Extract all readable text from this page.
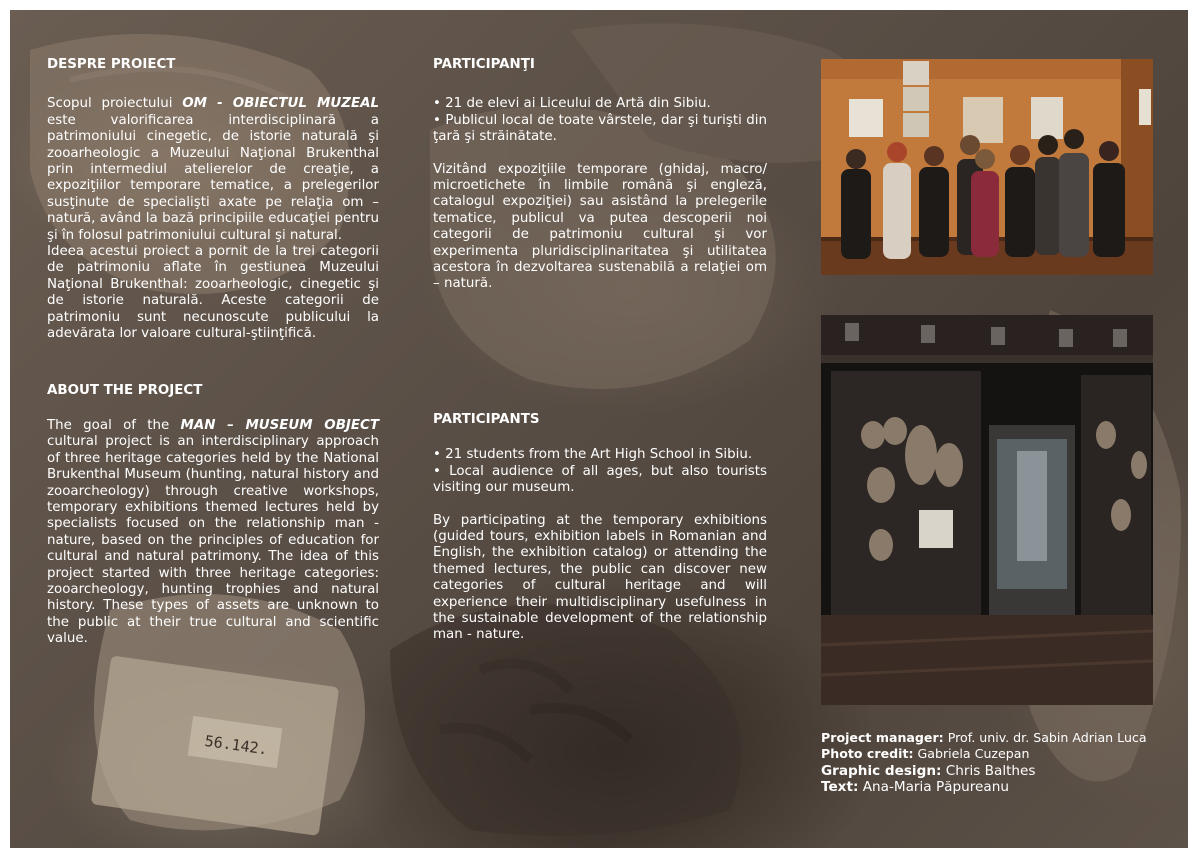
56.142.

DESPRE PROIECT

Scopul proiectului OM - OBIECTUL MUZEAL este valorificarea interdisciplinară a patrimoniului cinegetic, de istorie naturală şi zooarheologic a Muzeului Naţional Brukenthal prin intermediul atelierelor de creaţie, a expoziţiilor temporare tematice, a prelegerilor susţinute de specialişti axate pe relaţia om – natură, având la bază principiile educaţiei pentru şi în folosul patrimoniului cultural şi natural.

Ideea acestui proiect a pornit de la trei categorii de patrimoniu aflate în gestiunea Muzeului Naţional Brukenthal: zooarheologic, cinegetic şi de istorie naturală. Aceste categorii de patrimoniu sunt necunoscute publicului la adevărata lor valoare cultural-ştiinţifică.

ABOUT THE PROJECT

The goal of the MAN – MUSEUM OBJECT cultural project is an interdisciplinary approach of three heritage categories held by the National Brukenthal Museum (hunting, natural history and zooarcheology) through creative workshops, temporary exhibitions themed lectures held by specialists focused on the relationship man - nature, based on the principles of education for cultural and natural patrimony. The idea of this project started with three heritage categories: zooarcheology, hunting trophies and natural history. These types of assets are unknown to the public at their true cultural and scientific value.

PARTICIPANŢI

• 21 de elevi ai Liceului de Artă din Sibiu.

• Publicul local de toate vârstele, dar şi turişti din ţară şi străinătate.

Vizitând expoziţiile temporare (ghidaj, macro/ microetichete în limbile română şi engleză, catalogul expoziţiei) sau asistând la prelegerile tematice, publicul va putea descoperii noi categorii de patrimoniu cultural şi vor experimenta pluridisciplinaritatea şi utilitatea acestora în dezvoltarea sustenabilă a relaţiei om – natură.

PARTICIPANTS

• 21 students from the Art High School in Sibiu.

• Local audience of all ages, but also tourists visiting our museum.

By participating at the temporary exhibitions (guided tours, exhibition labels in Romanian and English, the exhibition catalog) or attending the themed lectures, the public can discover new categories of cultural heritage and will experience their multidisciplinary usefulness in the sustainable development of the relationship man - nature.

Project manager: Prof. univ. dr. Sabin Adrian Luca
Photo credit: Gabriela Cuzepan
Graphic design: Chris Balthes
Text: Ana-Maria Păpureanu
